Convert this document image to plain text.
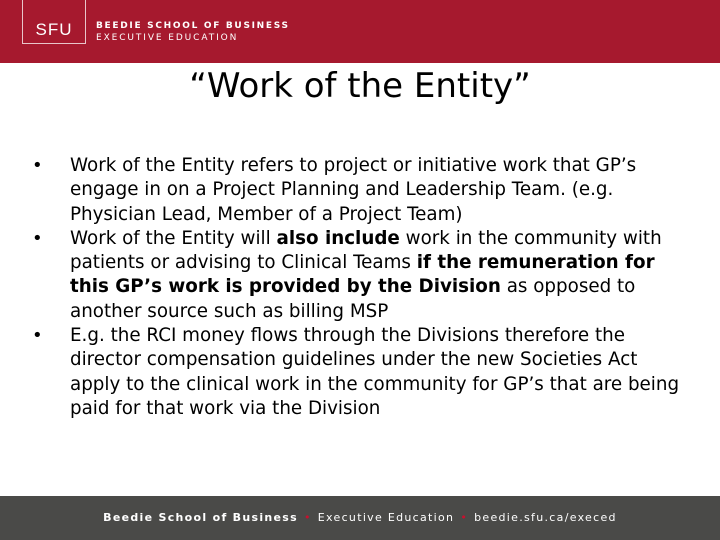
SFU	BEEDIE SCHOOL OF BUSINESS
EXECUTIVE EDUCATION
“Work of the Entity”
• Work of the Entity refers to project or initiative work that GP’s engage in on a Project Planning and Leadership Team. (e.g. Physician Lead, Member of a Project Team)
• Work of the Entity will also include work in the community with patients or advising to Clinical Teams if the remuneration for this GP’s work is provided by the Division as opposed to another source such as billing MSP
• E.g. the RCI money flows through the Divisions therefore the director compensation guidelines under the new Societies Act apply to the clinical work in the community for GP’s that are being paid for that work via the Division
Beedie School of Business • Executive Education • beedie.sfu.ca/execed
